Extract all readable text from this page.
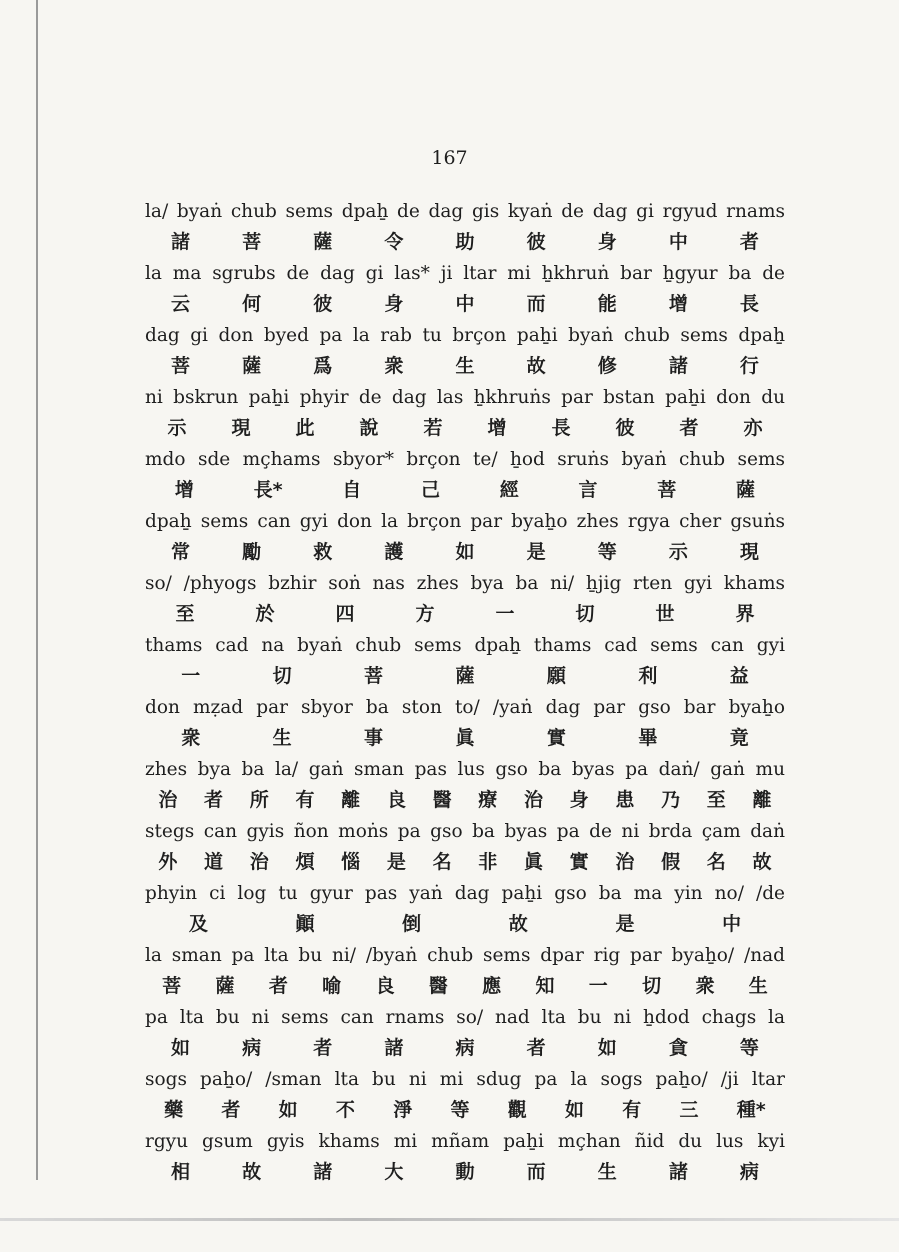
167
la/ byaṅ chub sems dpaẖ de dag gis kyaṅ de dag gi rgyud rnams
諸	菩	薩	令	助	彼	身	中	者
la ma sgrubs de dag gi las* ji ltar mi ẖkhruṅ bar ẖgyur ba de
云	何	彼	身	中	而	能	增	長
dag gi don byed pa la rab tu brçon paẖi byaṅ chub sems dpaẖ
菩	薩	爲	衆	生	故	修	諸	行
ni bskrun paẖi phyir de dag las ẖkhruṅs par bstan paẖi don du
示 現 此 說 若 增 長 彼 者 亦
mdo sde mçhams sbyor* brçon te/ ẖod sruṅs byaṅ chub sems
增	長*	自	己	經	言	菩	薩
dpaẖ sems can gyi don la brçon par byaẖo zhes rgya cher gsuṅs
常	勵	救	護	如	是	等	示	現
so/ /phyogs bzhir soṅ nas zhes bya ba ni/ ẖjig rten gyi khams
至	於	四	方	一	切	世	界
thams cad na byaṅ chub sems dpaẖ thams cad sems can gyi
一	切	菩	薩	願	利	益
don mẓad par sbyor ba ston to/ /yaṅ dag par gso bar byaẖo
衆	生	事	眞	實	畢	竟
zhes bya ba la/ gaṅ sman pas lus gso ba byas pa daṅ/ gaṅ mu
治 者 所 有 離 良 醫 療 治 身 患 乃 至 離
stegs can gyis ñon moṅs pa gso ba byas pa de ni brda çam daṅ
外 道 治 煩 惱 是 名 非 眞 實 治 假 名 故
phyin ci log tu gyur pas yaṅ dag paẖi gso ba ma yin no/ /de
及	顚	倒	故	是	中
la sman pa lta bu ni/ /byaṅ chub sems dpar rig par byaẖo/ /nad
菩 薩 者 喻 良 醫 應 知 一 切 衆 生
pa lta bu ni sems can rnams so/ nad lta bu ni ẖdod chags la
如	病	者	諸	病	者	如	貪	等
sogs paẖo/ /sman lta bu ni mi sdug pa la sogs paẖo/ /ji ltar
藥 者 如 不 淨 等 觀 如 有 三 種*
rgyu gsum gyis khams mi mñam paẖi mçhan ñid du lus kyi
相	故	諸	大	動	而	生	諸	病
